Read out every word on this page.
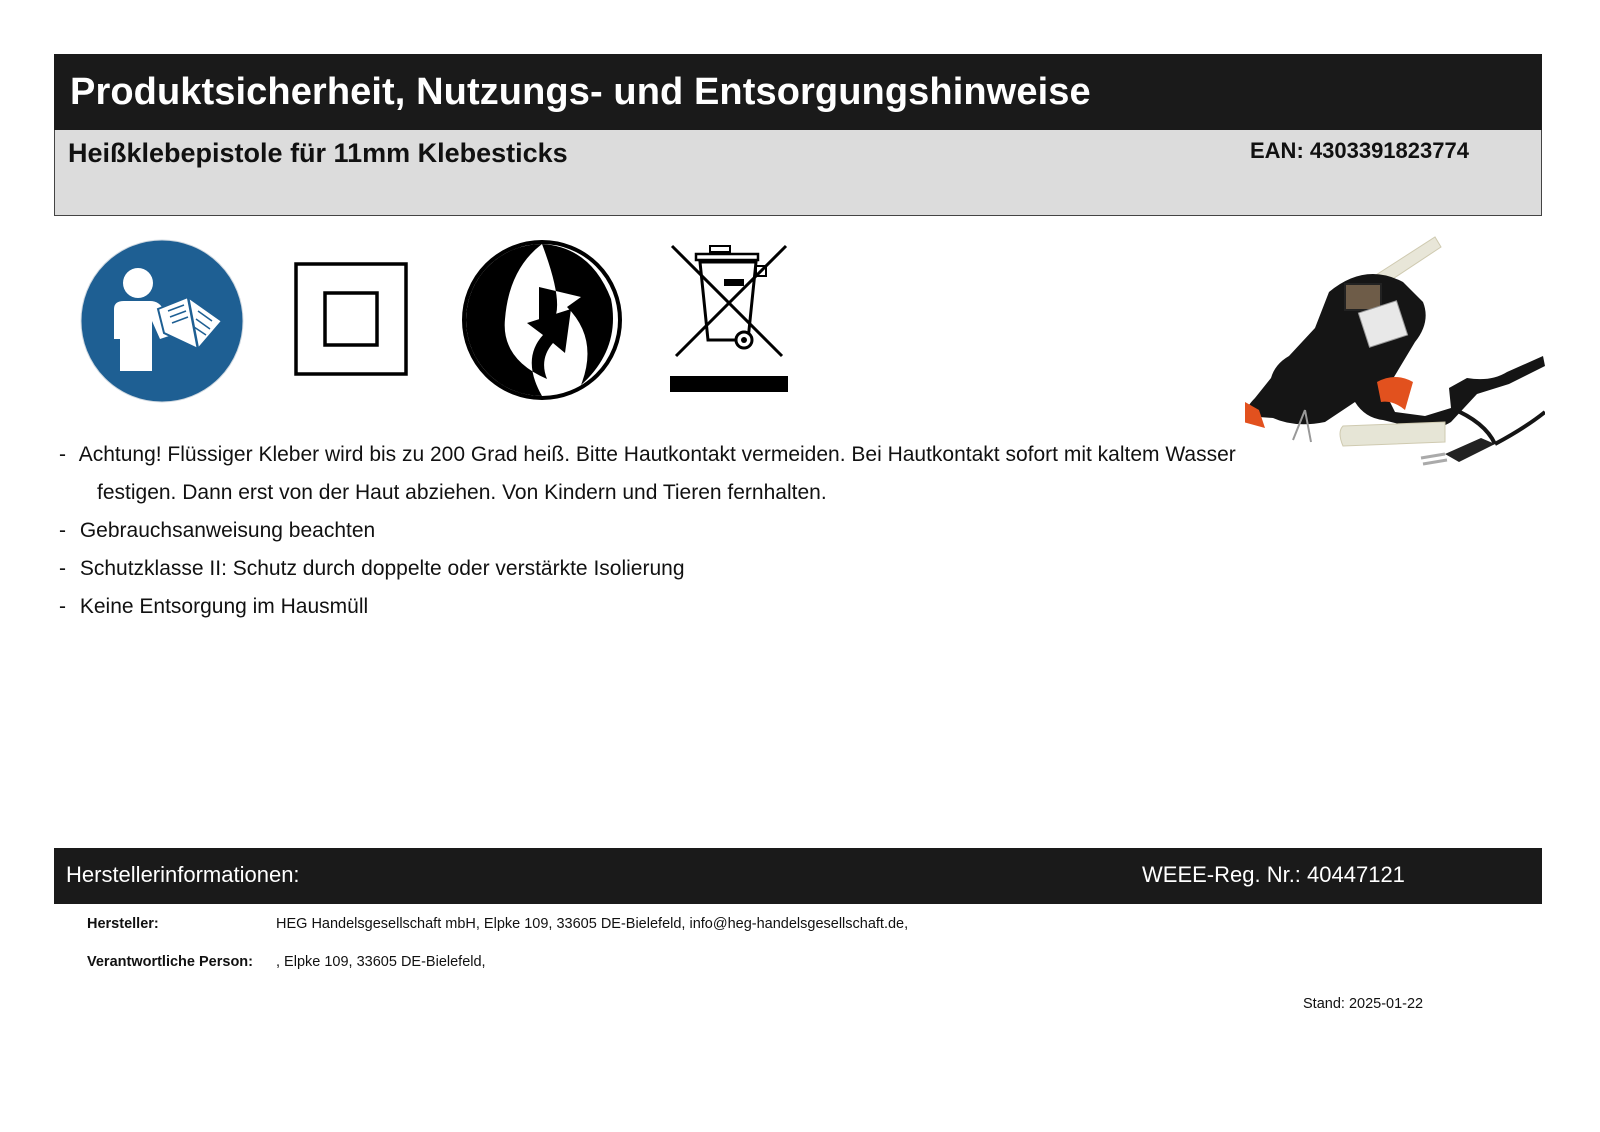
Produktsicherheit, Nutzungs- und Entsorgungshinweise
Heißklebepistole für 11mm Klebesticks	EAN: 4303391823774
- Achtung! Flüssiger Kleber wird bis zu 200 Grad heiß. Bitte Hautkontakt vermeiden. Bei Hautkontakt sofort mit kaltem Wasser festigen. Dann erst von der Haut abziehen. Von Kindern und Tieren fernhalten.
- Gebrauchsanweisung beachten
- Schutzklasse II: Schutz durch doppelte oder verstärkte Isolierung
- Keine Entsorgung im Hausmüll
Herstellerinformationen:	WEEE-Reg. Nr.: 40447121
Hersteller:	HEG Handelsgesellschaft mbH, Elpke 109, 33605 DE-Bielefeld, info@heg-handelsgesellschaft.de,
Verantwortliche Person: , Elpke 109, 33605 DE-Bielefeld,
Stand: 2025-01-22
